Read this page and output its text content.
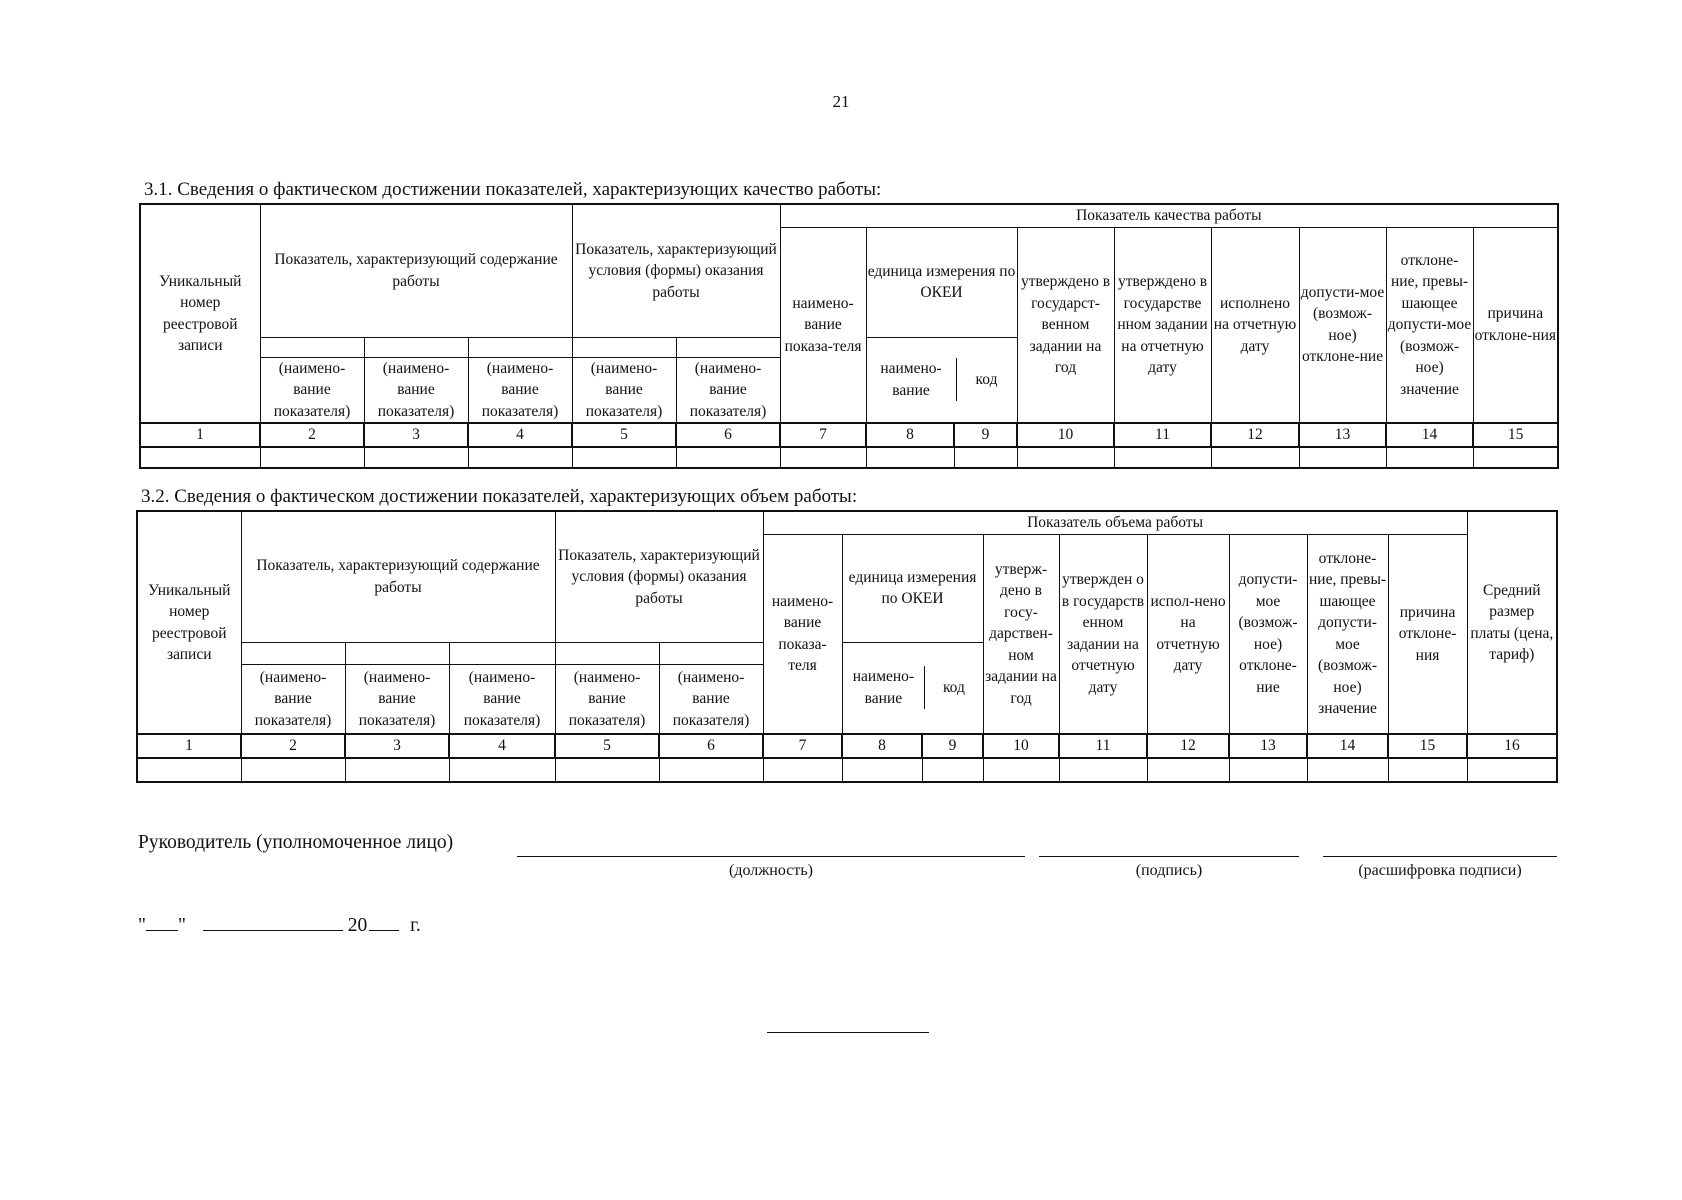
21
3.1. Сведения о фактическом достижении показателей, характеризующих качество работы:
Уникальный номер реестровой записи	Показатель, характеризующий содержание работы	Показатель, характеризующий условия (формы) оказания работы	Показатель качества работы
наимено-вание показа-теля	единица измерения по ОКЕИ	утверждено в государст-венном задании на год	утверждено в государстве нном задании на отчетную дату	исполнено на отчетную дату	допусти-мое (возмож-ное) отклоне-ние	отклоне-ние, превы-шающее допусти-мое (возмож-ное) значение	причина отклоне-ния

наимено-вание	код

(наимено-вание показателя)	(наимено-вание показателя)	(наимено-вание показателя)	(наимено-вание показателя)	(наимено-вание показателя)
1	2	3	4	5	6	7	8	9	10	11	12	13	14	15

3.2. Сведения о фактическом достижении показателей, характеризующих объем работы:
Уникальный номер реестровой записи	Показатель, характеризующий содержание работы	Показатель, характеризующий условия (формы) оказания работы	Показатель объема работы	Средний размер платы (цена, тариф)
наимено-вание показа-теля	единица измерения по ОКЕИ	утверж-дено в госу-дарствен-ном задании на год	утвержден о в государств енном задании на отчетную дату	испол-нено на отчетную дату	допусти-мое (возмож-ное) отклоне-ние	отклоне-ние, превы-шающее допусти-мое (возмож-ное) значение	причина отклоне-ния

наимено-вание	код

(наимено-вание показателя)	(наимено-вание показателя)	(наимено-вание показателя)	(наимено-вание показателя)	(наимено-вание показателя)
1	2	3	4	5	6	7	8	9	10	11	12	13	14	15	16

Руководитель (уполномоченное лицо)
(должность)	(подпись)	(расшифровка подписи)
" "	20 г.
